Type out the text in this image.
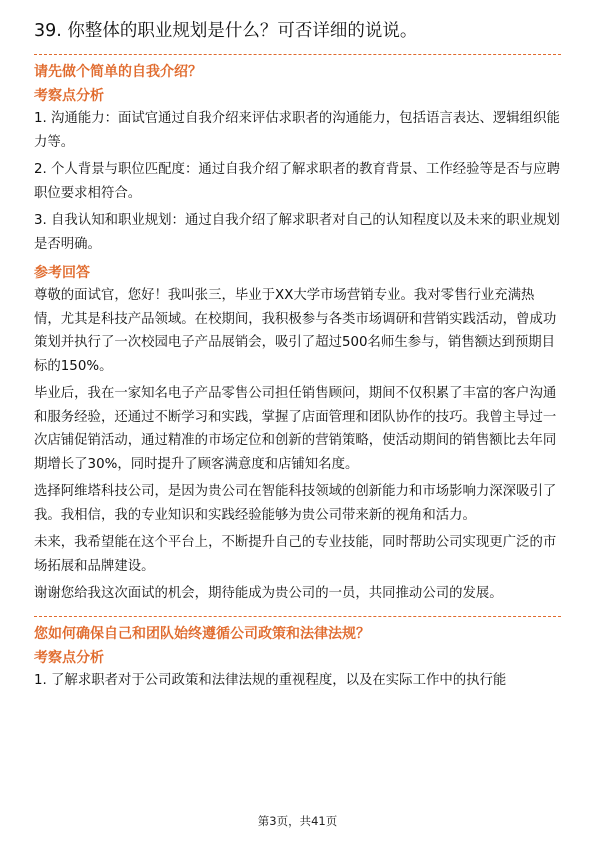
39. 你整体的职业规划是什么？可否详细的说说。
请先做个简单的自我介绍？
考察点分析

1. 沟通能力：面试官通过自我介绍来评估求职者的沟通能力，包括语言表达、逻辑组织能力等。

2. 个人背景与职位匹配度：通过自我介绍了解求职者的教育背景、工作经验等是否与应聘职位要求相符合。

3. 自我认知和职业规划：通过自我介绍了解求职者对自己的认知程度以及未来的职业规划是否明确。

参考回答

尊敬的面试官，您好！我叫张三，毕业于XX大学市场营销专业。我对零售行业充满热情，尤其是科技产品领域。在校期间，我积极参与各类市场调研和营销实践活动，曾成功策划并执行了一次校园电子产品展销会，吸引了超过500名师生参与，销售额达到预期目标的150%。

毕业后，我在一家知名电子产品零售公司担任销售顾问，期间不仅积累了丰富的客户沟通和服务经验，还通过不断学习和实践，掌握了店面管理和团队协作的技巧。我曾主导过一次店铺促销活动，通过精准的市场定位和创新的营销策略，使活动期间的销售额比去年同期增长了30%，同时提升了顾客满意度和店铺知名度。

选择阿维塔科技公司，是因为贵公司在智能科技领域的创新能力和市场影响力深深吸引了我。我相信，我的专业知识和实践经验能够为贵公司带来新的视角和活力。

未来，我希望能在这个平台上，不断提升自己的专业技能，同时帮助公司实现更广泛的市场拓展和品牌建设。

谢谢您给我这次面试的机会，期待能成为贵公司的一员，共同推动公司的发展。

您如何确保自己和团队始终遵循公司政策和法律法规？
考察点分析

1. 了解求职者对于公司政策和法律法规的重视程度，以及在实际工作中的执行能

第3页，共41页
